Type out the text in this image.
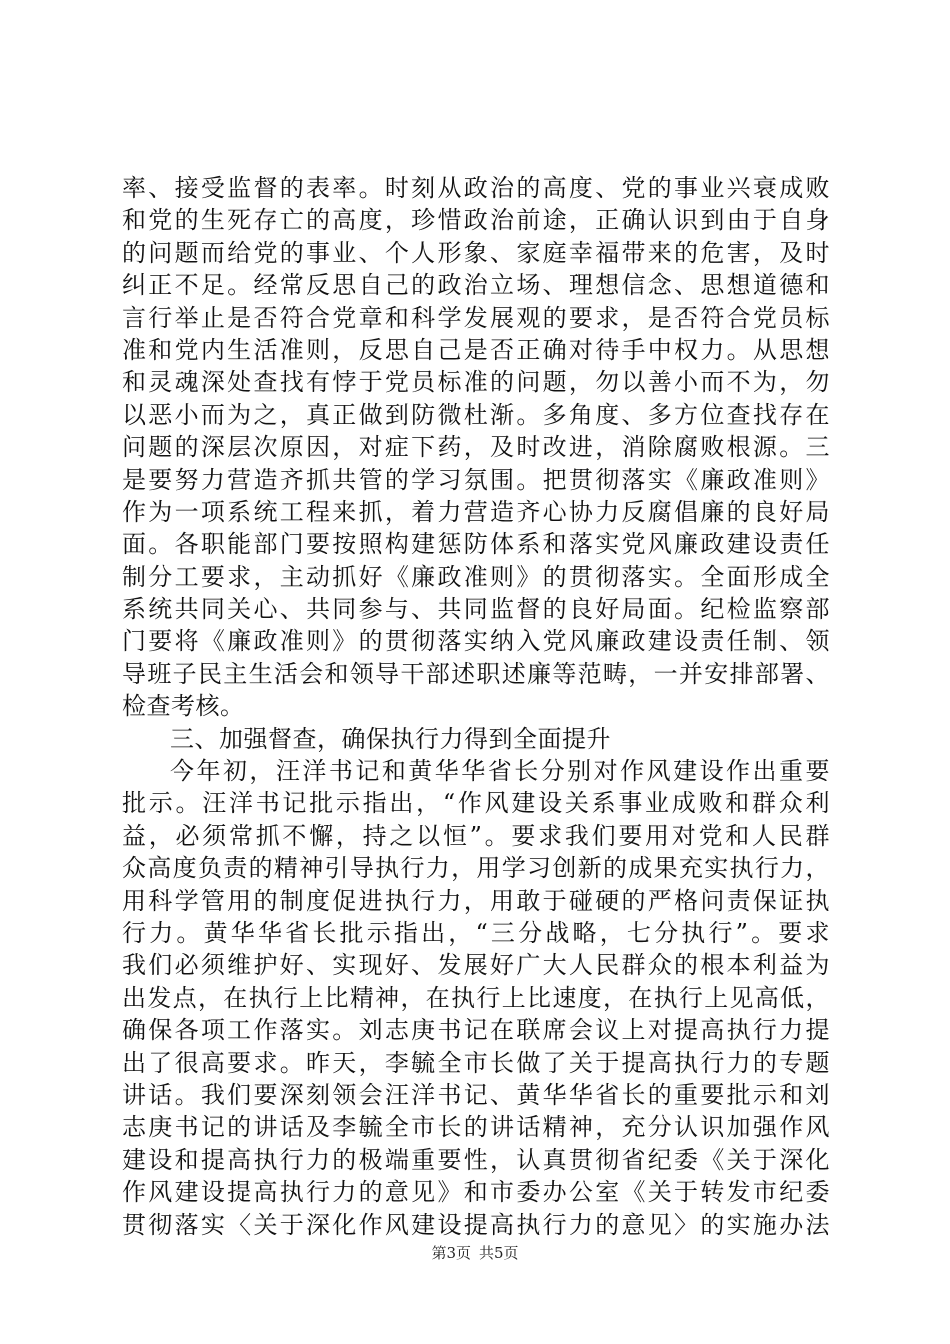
率、接受监督的表率。时刻从政治的高度、党的事业兴衰成败
和党的生死存亡的高度，珍惜政治前途，正确认识到由于自身
的问题而给党的事业、个人形象、家庭幸福带来的危害，及时
纠正不足。经常反思自己的政治立场、理想信念、思想道德和
言行举止是否符合党章和科学发展观的要求，是否符合党员标
准和党内生活准则，反思自己是否正确对待手中权力。从思想
和灵魂深处查找有悖于党员标准的问题，勿以善小而不为，勿
以恶小而为之，真正做到防微杜渐。多角度、多方位查找存在
问题的深层次原因，对症下药，及时改进，消除腐败根源。三
是要努力营造齐抓共管的学习氛围。把贯彻落实《廉政准则》
作为一项系统工程来抓，着力营造齐心协力反腐倡廉的良好局
面。各职能部门要按照构建惩防体系和落实党风廉政建设责任
制分工要求，主动抓好《廉政准则》的贯彻落实。全面形成全
系统共同关心、共同参与、共同监督的良好局面。纪检监察部
门要将《廉政准则》的贯彻落实纳入党风廉政建设责任制、领
导班子民主生活会和领导干部述职述廉等范畴，一并安排部署、
检查考核。
三、加强督查，确保执行力得到全面提升
今年初，汪洋书记和黄华华省长分别对作风建设作出重要
批示。汪洋书记批示指出，“作风建设关系事业成败和群众利
益，必须常抓不懈，持之以恒”。要求我们要用对党和人民群
众高度负责的精神引导执行力，用学习创新的成果充实执行力，
用科学管用的制度促进执行力，用敢于碰硬的严格问责保证执
行力。黄华华省长批示指出，“三分战略，七分执行”。要求
我们必须维护好、实现好、发展好广大人民群众的根本利益为
出发点，在执行上比精神，在执行上比速度，在执行上见高低，
确保各项工作落实。刘志庚书记在联席会议上对提高执行力提
出了很高要求。昨天，李毓全市长做了关于提高执行力的专题
讲话。我们要深刻领会汪洋书记、黄华华省长的重要批示和刘
志庚书记的讲话及李毓全市长的讲话精神，充分认识加强作风
建设和提高执行力的极端重要性，认真贯彻省纪委《关于深化
作风建设提高执行力的意见》和市委办公室《关于转发市纪委
贯彻落实〈关于深化作风建设提高执行力的意见〉的实施办法
第3页 共5页
